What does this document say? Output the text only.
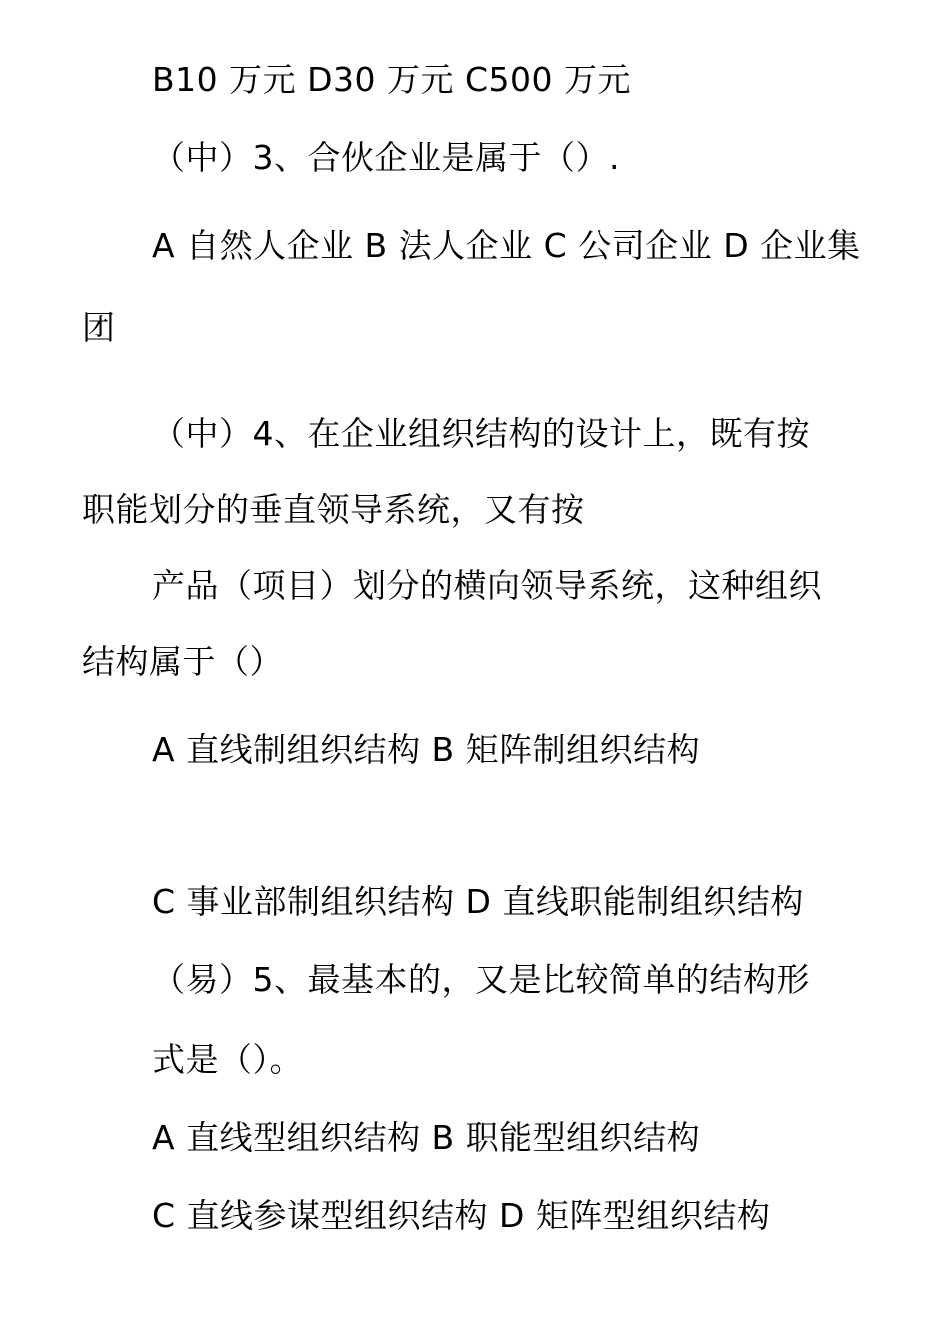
B10 万元 D30 万元 C500 万元
（中）3、合伙企业是属于（）.
A 自然人企业 B 法人企业 C 公司企业 D 企业集
团
（中）4、在企业组织结构的设计上，既有按
职能划分的垂直领导系统，又有按
产品（项目）划分的横向领导系统，这种组织
结构属于（）
A 直线制组织结构 B 矩阵制组织结构
C 事业部制组织结构 D 直线职能制组织结构
（易）5、最基本的，又是比较简单的结构形
式是（）。
A 直线型组织结构 B 职能型组织结构
C 直线参谋型组织结构 D 矩阵型组织结构
